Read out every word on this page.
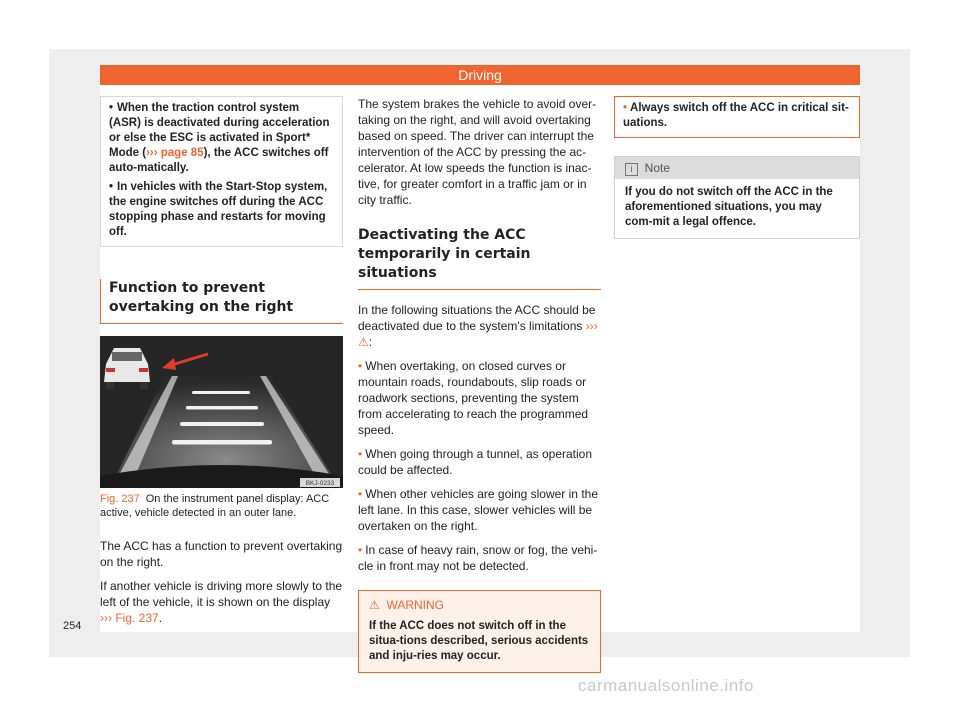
Driving

• When the traction control system (ASR) is deactivated during acceleration or else the ESC is activated in Sport* Mode (››› page 85), the ACC switches off auto-matically.

• In vehicles with the Start-Stop system, the engine switches off during the ACC stopping phase and restarts for moving off.

Function to prevent overtaking on the right
BKJ-0233
Fig. 237 On the instrument panel display: ACC active, vehicle detected in an outer lane.

The ACC has a function to prevent overtaking on the right.

If another vehicle is driving more slowly to the left of the vehicle, it is shown on the display ››› Fig. 237.

The system brakes the vehicle to avoid over-taking on the right, and will avoid overtaking based on speed. The driver can interrupt the intervention of the ACC by pressing the ac-celerator. At low speeds the function is inac-tive, for greater comfort in a traffic jam or in city traffic.

Deactivating the ACC temporarily in certain situations

In the following situations the ACC should be deactivated due to the system's limitations ››› ⚠:

• When overtaking, on closed curves or mountain roads, roundabouts, slip roads or roadwork sections, preventing the system from accelerating to reach the programmed speed.

• When going through a tunnel, as operation could be affected.

• When other vehicles are going slower in the left lane. In this case, slower vehicles will be overtaken on the right.

• In case of heavy rain, snow or fog, the vehi-cle in front may not be detected.

⚠ WARNING
If the ACC does not switch off in the situa-tions described, serious accidents and inju-ries may occur.

• Always switch off the ACC in critical sit-uations.

i Note
If you do not switch off the ACC in the aforementioned situations, you may com-mit a legal offence.
254
carmanualsonline.info
